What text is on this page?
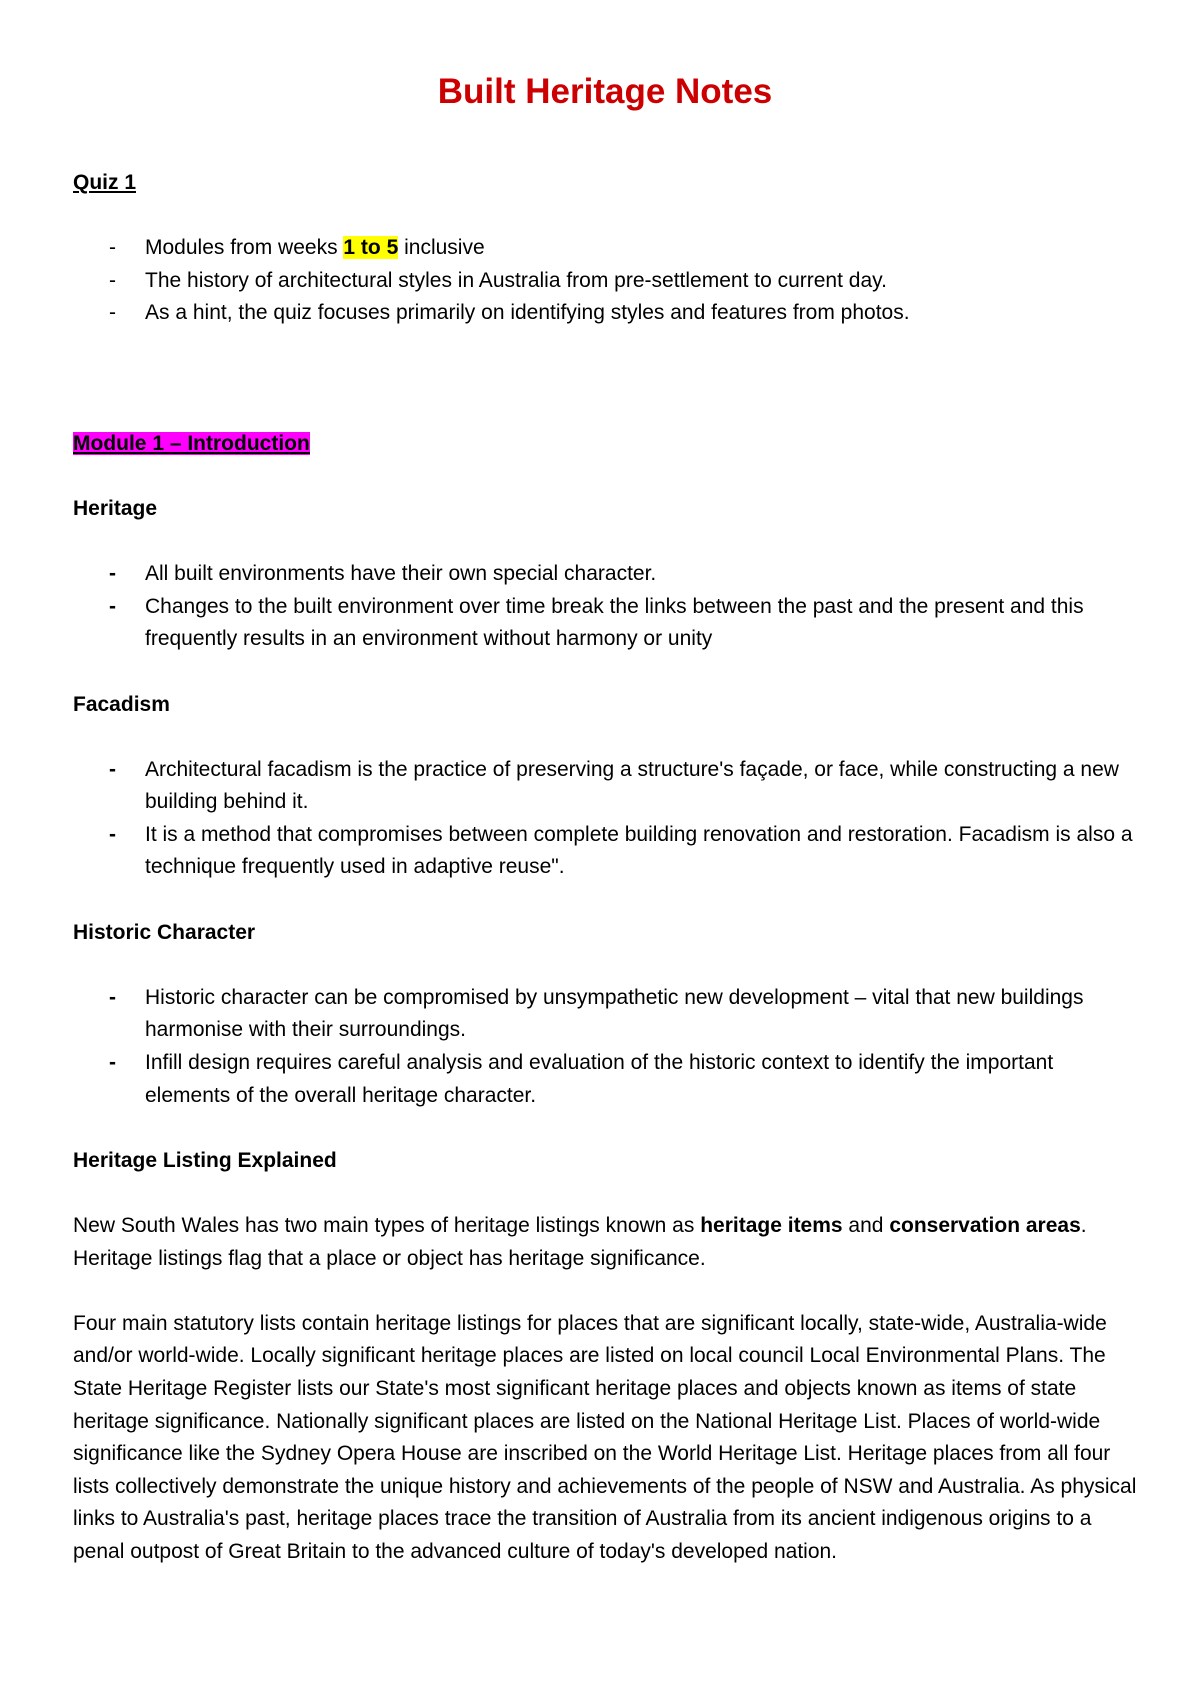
Built Heritage Notes
Quiz 1
- Modules from weeks 1 to 5 inclusive
- The history of architectural styles in Australia from pre-settlement to current day.
- As a hint, the quiz focuses primarily on identifying styles and features from photos.
Module 1 – Introduction
Heritage
- All built environments have their own special character.
- Changes to the built environment over time break the links between the past and the present and this frequently results in an environment without harmony or unity
Facadism
- Architectural facadism is the practice of preserving a structure's façade, or face, while constructing a new building behind it.
- It is a method that compromises between complete building renovation and restoration. Facadism is also a technique frequently used in adaptive reuse".
Historic Character
- Historic character can be compromised by unsympathetic new development – vital that new buildings harmonise with their surroundings.
- Infill design requires careful analysis and evaluation of the historic context to identify the important elements of the overall heritage character.
Heritage Listing Explained

New South Wales has two main types of heritage listings known as heritage items and conservation areas. Heritage listings flag that a place or object has heritage significance.

Four main statutory lists contain heritage listings for places that are significant locally, state-wide, Australia-wide and/or world-wide. Locally significant heritage places are listed on local council Local Environmental Plans. The State Heritage Register lists our State's most significant heritage places and objects known as items of state heritage significance. Nationally significant places are listed on the National Heritage List. Places of world-wide significance like the Sydney Opera House are inscribed on the World Heritage List. Heritage places from all four lists collectively demonstrate the unique history and achievements of the people of NSW and Australia. As physical links to Australia's past, heritage places trace the transition of Australia from its ancient indigenous origins to a penal outpost of Great Britain to the advanced culture of today's developed nation.
